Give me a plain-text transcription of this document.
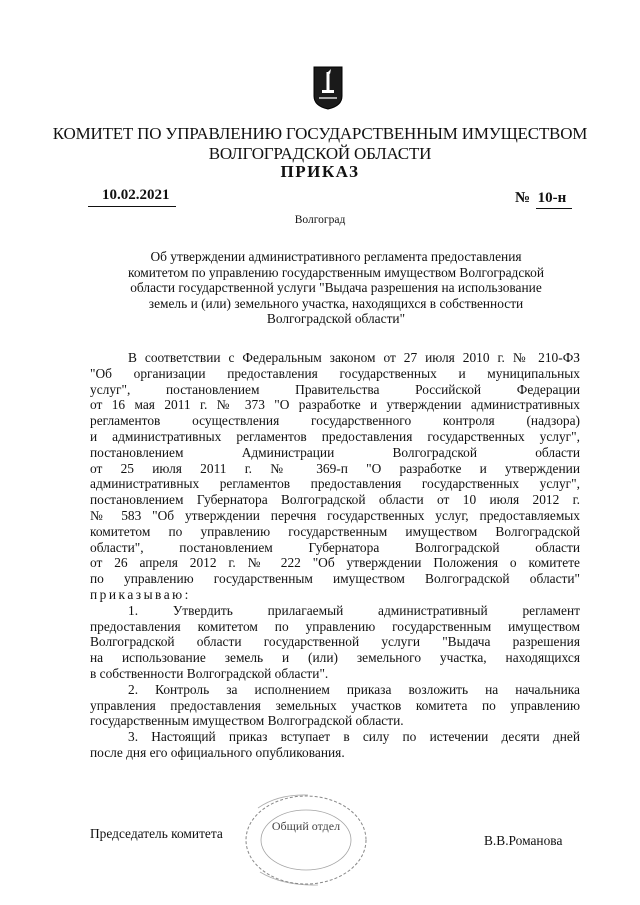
КОМИТЕТ ПО УПРАВЛЕНИЮ ГОСУДАРСТВЕННЫМ ИМУЩЕСТВОМ
ВОЛГОГРАДСКОЙ ОБЛАСТИ
ПРИКАЗ
10.02.2021	№ 10-н
Волгоград
Об утверждении административного регламента предоставления
комитетом по управлению государственным имуществом Волгоградской
области государственной услуги "Выдача разрешения на использование
земель и (или) земельного участка, находящихся в собственности
Волгоградской области"
В соответствии с Федеральным законом от 27 июля 2010 г. № 210-ФЗ
"Об организации предоставления государственных и муниципальных
услуг", постановлением Правительства Российской Федерации
от 16 мая 2011 г. № 373 "О разработке и утверждении административных
регламентов осуществления государственного контроля (надзора)
и административных регламентов предоставления государственных услуг",
постановлением Администрации Волгоградской области
от 25 июля 2011 г. № 369-п "О разработке и утверждении
административных регламентов предоставления государственных услуг",
постановлением Губернатора Волгоградской области от 10 июля 2012 г.
№ 583 "Об утверждении перечня государственных услуг, предоставляемых
комитетом по управлению государственным имуществом Волгоградской
области", постановлением Губернатора Волгоградской области
от 26 апреля 2012 г. № 222 "Об утверждении Положения о комитете
по управлению государственным имуществом Волгоградской области"
приказываю:
1. Утвердить прилагаемый административный регламент
предоставления комитетом по управлению государственным имуществом
Волгоградской области государственной услуги "Выдача разрешения
на использование земель и (или) земельного участка, находящихся
в собственности Волгоградской области".
2. Контроль за исполнением приказа возложить на начальника
управления предоставления земельных участков комитета по управлению
государственным имуществом Волгоградской области.
3. Настоящий приказ вступает в силу по истечении десяти дней
после дня его официального опубликования.
Председатель комитета	В.В.Романова
Общий отдел
